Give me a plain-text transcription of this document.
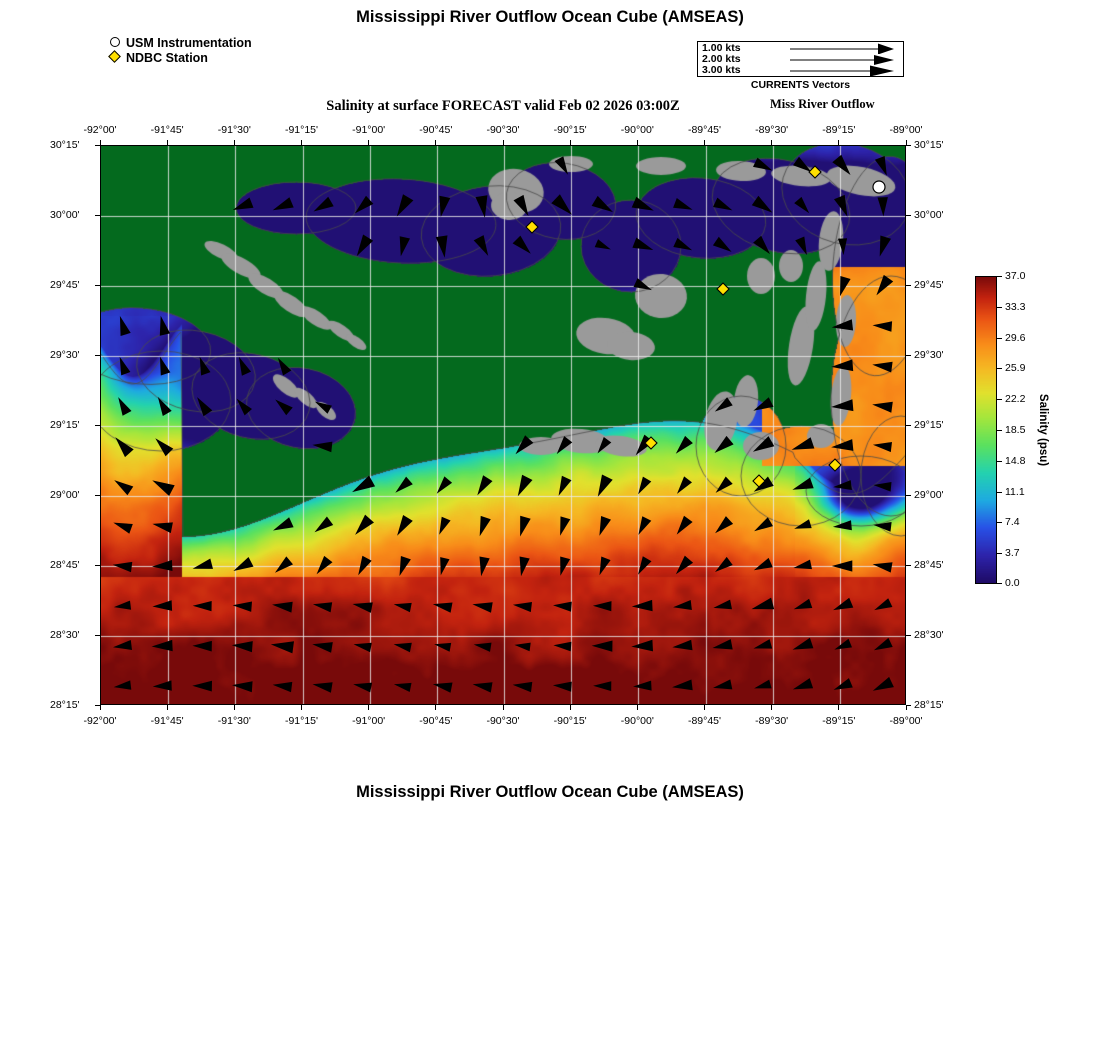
Mississippi River Outflow Ocean Cube (AMSEAS)
USM Instrumentation
NDBC Station
1.00 kts
2.00 kts
3.00 kts
CURRENTS Vectors
Salinity at surface FORECAST valid Feb 02 2026 03:00Z	Miss River Outflow
-92°00'	-91°45'	-91°30'	-91°15'	-91°00'	-90°45'	-90°30'	-90°15'	-90°00'	-89°45'	-89°30'	-89°15'	-89°00'
-92°00'	-91°45'	-91°30'	-91°15'	-91°00'	-90°45'	-90°30'	-90°15'	-90°00'	-89°45'	-89°30'	-89°15'	-89°00'
30°15'
30°00'
29°45'
29°30'
29°15'
29°00'
28°45'
28°30'
28°15'
30°15'
30°00'
29°45'
29°30'
29°15'
29°00'
28°45'
28°30'
28°15'
37.0
33.3
29.6
25.9
22.2
18.5
14.8
11.1
7.4
3.7
0.0
Salinity (psu)
Mississippi River Outflow Ocean Cube (AMSEAS)
